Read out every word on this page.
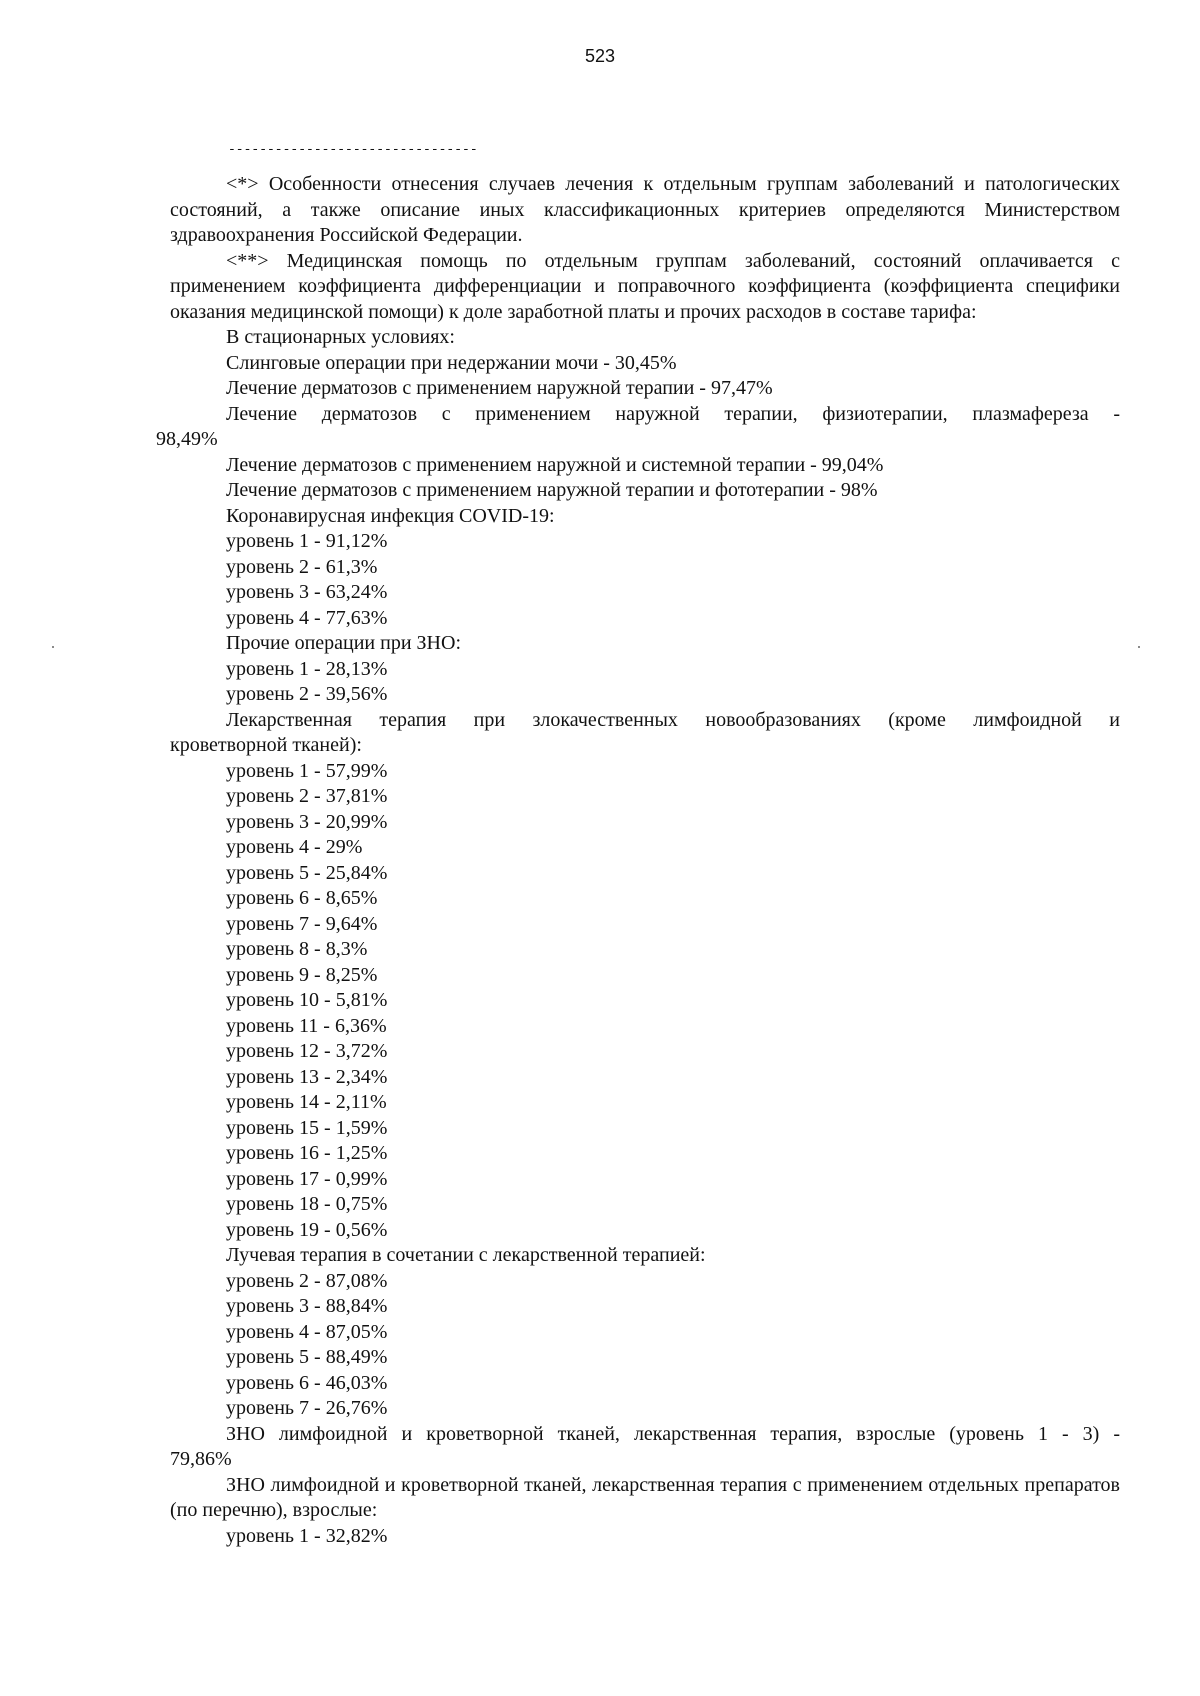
523
--------------------------------

<*> Особенности отнесения случаев лечения к отдельным группам заболеваний и патологических состояний, а также описание иных классификационных критериев определяются Министерством здравоохранения Российской Федерации.

<**> Медицинская помощь по отдельным группам заболеваний, состояний оплачивается с применением коэффициента дифференциации и поправочного коэффициента (коэффициента специфики оказания медицинской помощи) к доле заработной платы и прочих расходов в составе тарифа:

В стационарных условиях:

Слинговые операции при недержании мочи - 30,45%

Лечение дерматозов с применением наружной терапии - 97,47%

Лечение дерматозов с применением наружной терапии, физиотерапии, плазмафереза -

98,49%

Лечение дерматозов с применением наружной и системной терапии - 99,04%

Лечение дерматозов с применением наружной терапии и фототерапии - 98%

Коронавирусная инфекция COVID-19:

уровень 1 - 91,12%

уровень 2 - 61,3%

уровень 3 - 63,24%

уровень 4 - 77,63%

Прочие операции при ЗНО:

уровень 1 - 28,13%

уровень 2 - 39,56%

Лекарственная терапия при злокачественных новообразованиях (кроме лимфоидной и

кроветворной тканей):

уровень 1 - 57,99%

уровень 2 - 37,81%

уровень 3 - 20,99%

уровень 4 - 29%

уровень 5 - 25,84%

уровень 6 - 8,65%

уровень 7 - 9,64%

уровень 8 - 8,3%

уровень 9 - 8,25%

уровень 10 - 5,81%

уровень 11 - 6,36%

уровень 12 - 3,72%

уровень 13 - 2,34%

уровень 14 - 2,11%

уровень 15 - 1,59%

уровень 16 - 1,25%

уровень 17 - 0,99%

уровень 18 - 0,75%

уровень 19 - 0,56%

Лучевая терапия в сочетании с лекарственной терапией:

уровень 2 - 87,08%

уровень 3 - 88,84%

уровень 4 - 87,05%

уровень 5 - 88,49%

уровень 6 - 46,03%

уровень 7 - 26,76%

ЗНО лимфоидной и кроветворной тканей, лекарственная терапия, взрослые (уровень 1 - 3) -

79,86%

ЗНО лимфоидной и кроветворной тканей, лекарственная терапия с применением отдельных препаратов (по перечню), взрослые:

уровень 1 - 32,82%
